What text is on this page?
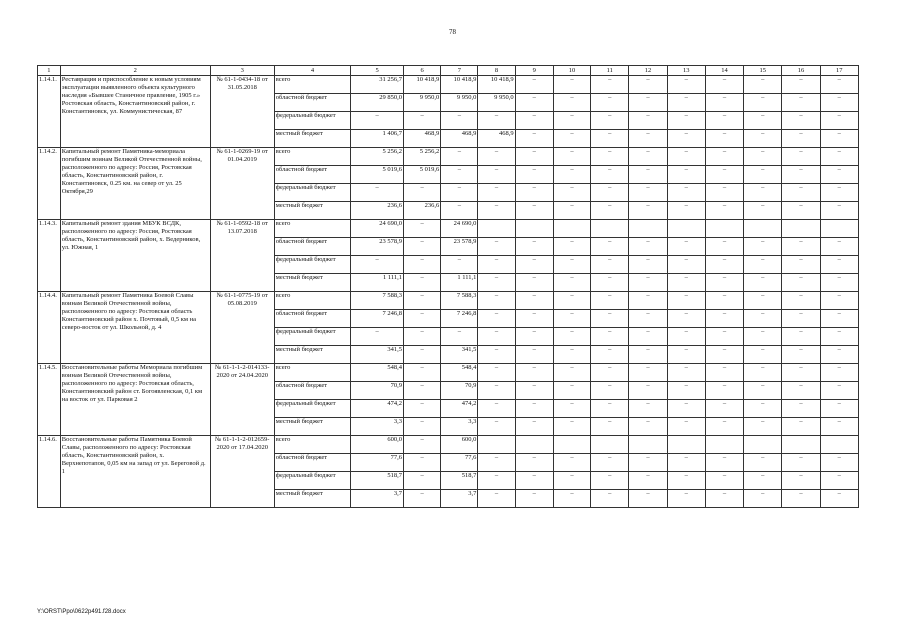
78
1	2	3	4	5	6	7	8	9	10	11	12	13	14	15	16	17
1.14.1.	Реставрация и приспособление к новым условиям эксплуатации выявленного объекта культурного наследия «Бывшее Станичное правление, 1905 г.» Ростовская область, Константиновский район, г. Константиновск, ул. Коммунистическая, 87	№ 61-1-0434-18 от 31.05.2018	всего	31 256,7	10 418,9	10 418,9	10 418,9	–	–	–	–	–	–	–	–	–
			областной бюджет	29 850,0	9 950,0	9 950,0	9 950,0	–	–	–	–	–	–	–	–	–
			федеральный бюджет	–	–	–	–	–	–	–	–	–	–	–	–	–
			местный бюджет	1 406,7	468,9	468,9	468,9	–	–	–	–	–	–	–	–	–
1.14.2.	Капитальный ремонт Памятника-мемориала погибшим воинам Великой Отечественной войны, расположенного по адресу: Россия, Ростовская область, Константиновский район, г. Константиновск, 0.25 км. на север от ул. 25 Октября,29	№ 61-1-0269-19 от 01.04.2019	всего	5 256,2	5 256,2	–	–	–	–	–	–	–	–	–	–	–
			областной бюджет	5 019,6	5 019,6	–	–	–	–	–	–	–	–	–	–	–
			федеральный бюджет	–	–	–	–	–	–	–	–	–	–	–	–	–
			местный бюджет	236,6	236,6	–	–	–	–	–	–	–	–	–	–	–
1.14.3.	Капитальный ремонт здания МБУК ВСДК, расположенного по адресу: Россия, Ростовская область, Константиновский район, х. Ведерников, ул. Южная, 1	№ 61-1-0592-18 от 13.07.2018	всего	24 690,0	–	24 690,0										
			областной бюджет	23 578,9	–	23 578,9	–	–	–	–	–	–	–	–	–	–
			федеральный бюджет	–	–	–	–	–	–	–	–	–	–	–	–	–
			местный бюджет	1 111,1	–	1 111,1	–	–	–	–	–	–	–	–	–	–
1.14.4.	Капитальный ремонт Памятника Боевой Славы воинам Великой Отечественной войны, расположенного по адресу: Ростовская область Константиновский район х. Почтовый, 0,5 км на северо-восток от ул. Школьной, д. 4	№ 61-1-0775-19 от 05.08.2019	всего	7 588,3	–	7 588,3	–	–	–	–	–	–	–	–	–	–
			областной бюджет	7 246,8	–	7 246,8	–	–	–	–	–	–	–	–	–	–
			федеральный бюджет	–	–	–	–	–	–	–	–	–	–	–	–	–
			местный бюджет	341,5	–	341,5	–	–	–	–	–	–	–	–	–	–
1.14.5.	Восстановительные работы Мемориала погибшим воинам Великой Отечественной войны, расположенного по адресу: Ростовская область, Константиновский район ст. Богоявленская, 0,1 км на восток от ул. Парковая 2	№ 61-1-1-2-014133-2020 от 24.04.2020	всего	548,4	–	548,4	–	–	–	–	–	–	–	–	–	–
			областной бюджет	70,9	–	70,9	–	–	–	–	–	–	–	–	–	–
			федеральный бюджет	474,2	–	474,2	–	–	–	–	–	–	–	–	–	–
			местный бюджет	3,3	–	3,3	–	–	–	–	–	–	–	–	–	–
1.14.6.	Восстановительные работы Памятника Боевой Славы, расположенного по адресу: Ростовская область, Константиновский район, х. Верхнепотапов, 0,05 км на запад от ул. Береговой д. 1	№ 61-1-1-2-012659-2020 от 17.04.2020	всего	600,0	–	600,0										
			областной бюджет	77,6	–	77,6	–	–	–	–	–	–	–	–	–	–
			федеральный бюджет	518,7	–	518,7	–	–	–	–	–	–	–	–	–	–
			местный бюджет	3,7	–	3,7	–	–	–	–	–	–	–	–	–	–
Y:\ORST\Ppo\0622p491.f28.docx
